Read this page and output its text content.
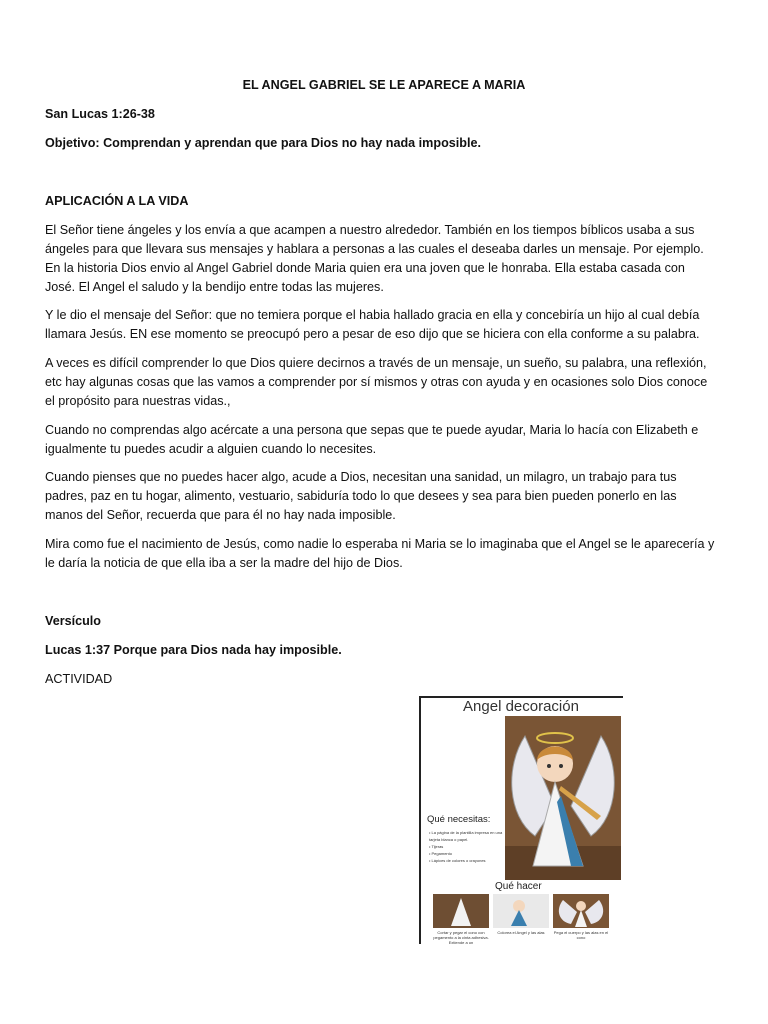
EL ANGEL GABRIEL SE LE APARECE A MARIA

San Lucas 1:26-38

Objetivo: Comprendan y aprendan que para Dios no hay nada imposible.

APLICACIÓN A LA VIDA

El Señor tiene ángeles y los envía a que acampen a nuestro alrededor. También en los tiempos bíblicos usaba a sus ángeles para que llevara sus mensajes y hablara a personas a las cuales el deseaba darles un mensaje. Por ejemplo. En la historia Dios envio al Angel Gabriel donde Maria quien era una joven que le honraba. Ella estaba casada con José. El Angel el saludo y la bendijo entre todas las mujeres.

Y le dio el mensaje del Señor: que no temiera porque el habia hallado gracia en ella y concebiría un hijo al cual debía llamara Jesús. EN ese momento se preocupó pero a pesar de eso dijo que se hiciera con ella conforme a su palabra.

A veces es difícil comprender lo que Dios quiere decirnos a través de un mensaje, un sueño, su palabra, una reflexión, etc hay algunas cosas que las vamos a comprender por sí mismos y otras con ayuda y en ocasiones solo Dios conoce el propósito para nuestras vidas.,

Cuando no comprendas algo acércate a una persona que sepas que te puede ayudar, Maria lo hacía con Elizabeth e igualmente tu puedes acudir a alguien cuando lo necesites.

Cuando pienses que no puedes hacer algo, acude a Dios, necesitan una sanidad, un milagro, un trabajo para tus padres, paz en tu hogar, alimento, vestuario, sabiduría todo lo que desees y sea para bien pueden ponerlo en las manos del Señor, recuerda que para él no hay nada imposible.

Mira como fue el nacimiento de Jesús, como nadie lo esperaba ni Maria se lo imaginaba que el Angel se le aparecería y le daría la noticia de que ella iba a ser la madre del hijo de Dios.

Versículo

Lucas 1:37 Porque para Dios nada hay imposible.

ACTIVIDAD

Angel decoración
Qué necesitas:
• La página de la plantilla impresa en una tarjeta blanca o papel.
• Tijeras
• Pegamento
• Lápices de colores o crayones
Qué hacer
Cortar y pegar el cono con pegamento a la cinta adhesiva. Extiende a un
Colorea el Angel y las alas	Pega el cuerpo y las alas en el cono
